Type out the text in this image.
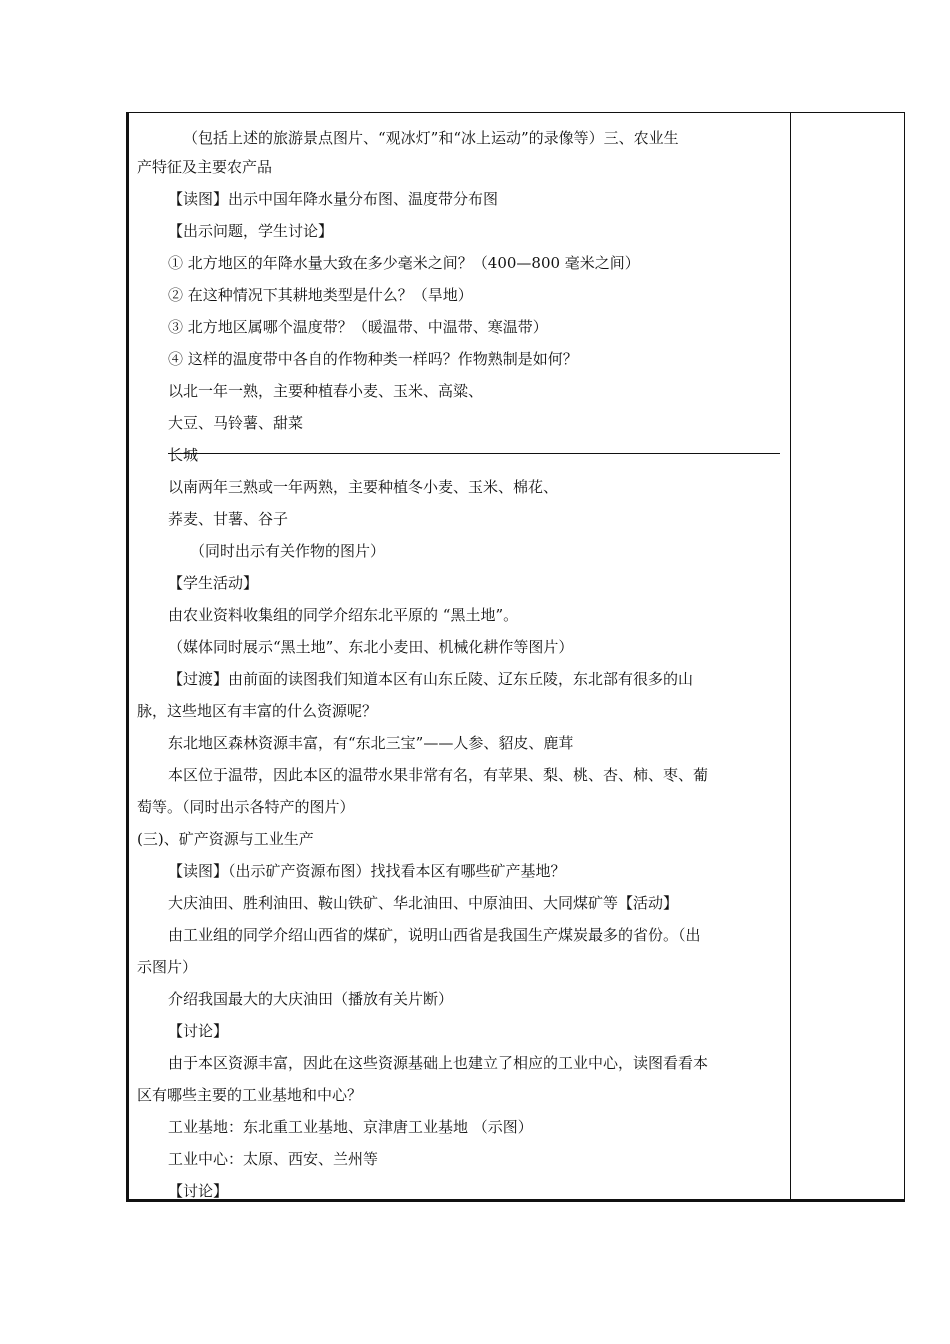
（包括上述的旅游景点图片、“观冰灯”和“冰上运动”的录像等）三、农业生
产特征及主要农产品
【读图】出示中国年降水量分布图、温度带分布图
【出示问题，学生讨论】
① 北方地区的年降水量大致在多少毫米之间？（400—800 毫米之间）
② 在这种情况下其耕地类型是什么？（旱地）
③ 北方地区属哪个温度带？（暖温带、中温带、寒温带）
④ 这样的温度带中各自的作物种类一样吗？作物熟制是如何？
以北一年一熟，主要种植春小麦、玉米、高粱、
大豆、马铃薯、甜菜
长城
以南两年三熟或一年两熟，主要种植冬小麦、玉米、棉花、
荞麦、甘薯、谷子
（同时出示有关作物的图片）
【学生活动】
由农业资料收集组的同学介绍东北平原的 “黑土地”。
（媒体同时展示“黑土地”、东北小麦田、机械化耕作等图片）
【过渡】由前面的读图我们知道本区有山东丘陵、辽东丘陵，东北部有很多的山
脉，这些地区有丰富的什么资源呢？
东北地区森林资源丰富，有“东北三宝”——人参、貂皮、鹿茸
本区位于温带，因此本区的温带水果非常有名，有苹果、梨、桃、杏、柿、枣、葡
萄等。（同时出示各特产的图片）
(三)、矿产资源与工业生产
【读图】（出示矿产资源布图）找找看本区有哪些矿产基地？
大庆油田、胜利油田、鞍山铁矿、华北油田、中原油田、大同煤矿等【活动】
由工业组的同学介绍山西省的煤矿，说明山西省是我国生产煤炭最多的省份。（出
示图片）
介绍我国最大的大庆油田（播放有关片断）
【讨论】
由于本区资源丰富，因此在这些资源基础上也建立了相应的工业中心，读图看看本
区有哪些主要的工业基地和中心？
工业基地：东北重工业基地、京津唐工业基地 （示图）
工业中心：太原、西安、兰州等
【讨论】
